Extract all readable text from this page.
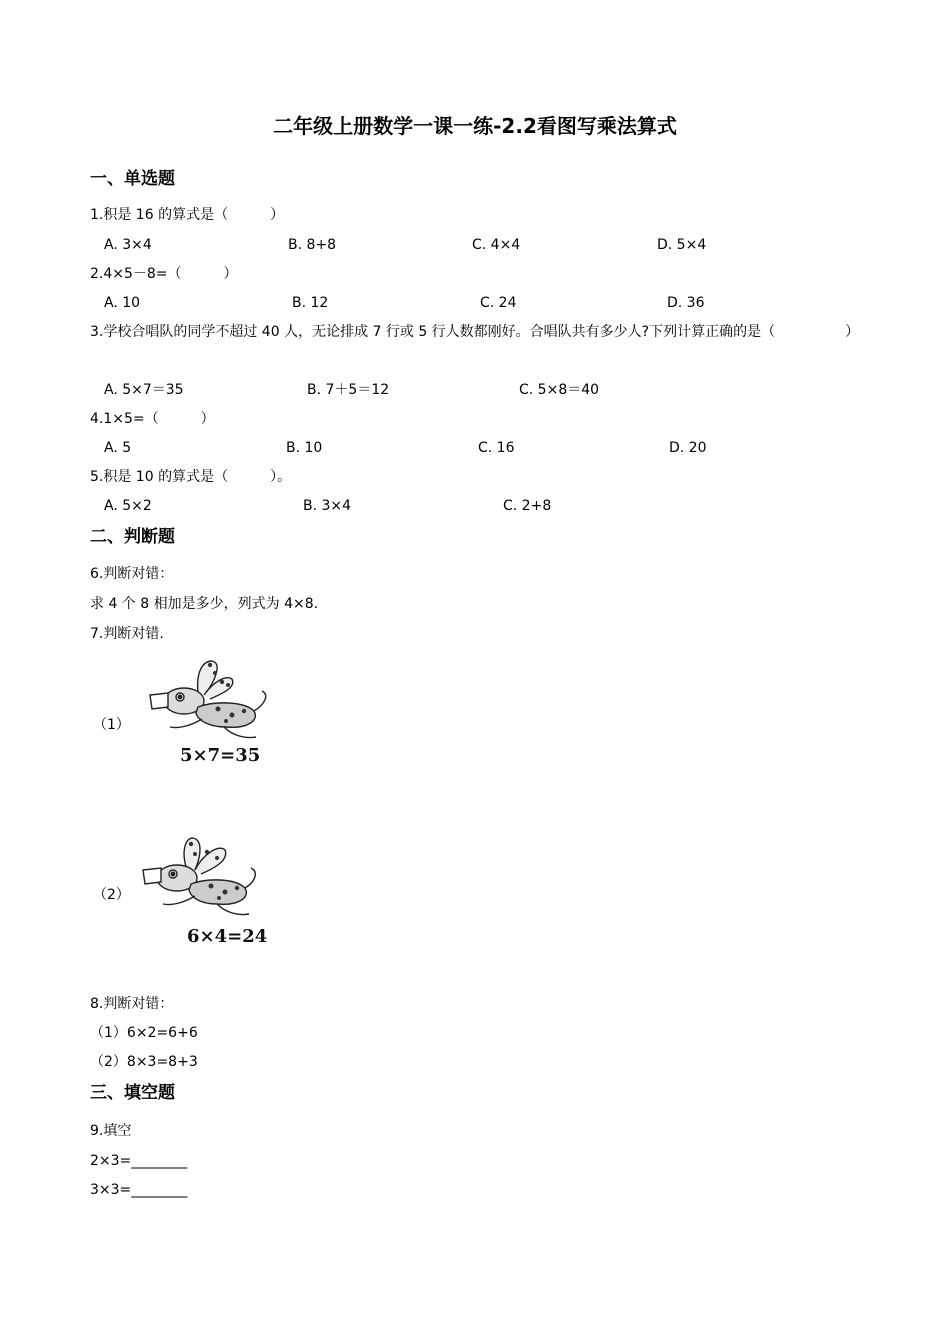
二年级上册数学一课一练-2.2看图写乘法算式
一、单选题
1.积是 16 的算式是（　　　）
A. 3×4	B. 8+8	C. 4×4	D. 5×4
2.4×5－8=（　　　）
A. 10	B. 12	C. 24	D. 36
3.学校合唱队的同学不超过 40 人，无论排成 7 行或 5 行人数都刚好。合唱队共有多少人?下列计算正确的是（　　　　　）
A. 5×7＝35	B. 7＋5＝12	C. 5×8＝40
4.1×5=（　　　）
A. 5	B. 10	C. 16	D. 20
5.积是 10 的算式是（　　　）。
A. 5×2	B. 3×4	C. 2+8
二、判断题
6.判断对错：
求 4 个 8 相加是多少，列式为 4×8.
7.判断对错.
（1）
5×7=35
（2）
6×4=24
8.判断对错：
（1）6×2=6+6
（2）8×3=8+3
三、填空题
9.填空
2×3=________
3×3=________
